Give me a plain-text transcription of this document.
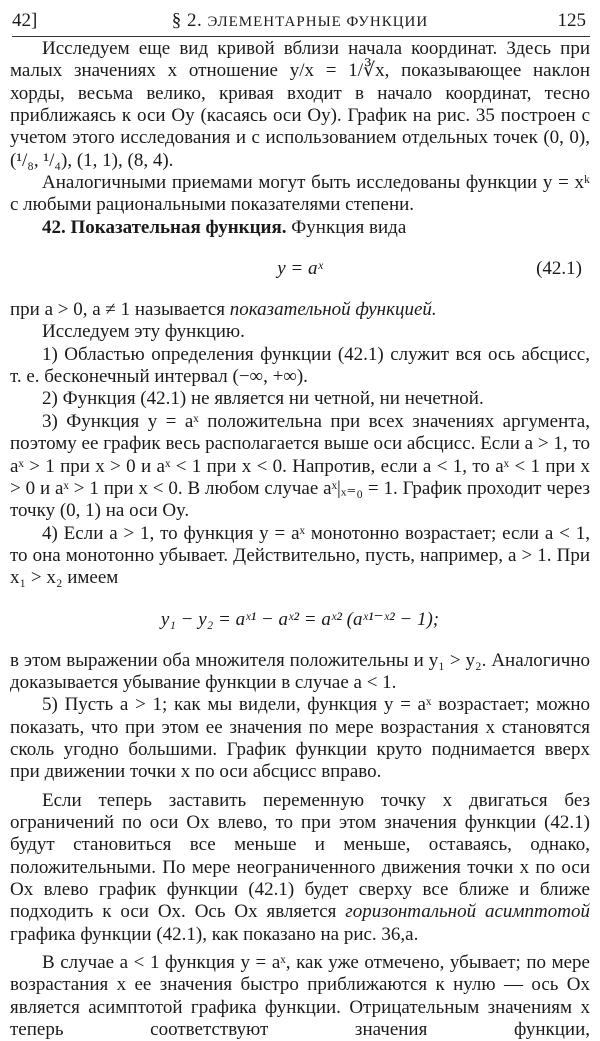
42]	§ 2. ЭЛЕМЕНТАРНЫЕ ФУНКЦИИ	125

Исследуем еще вид кривой вблизи начала координат. Здесь при малых значениях x отношение y/x = 1/∛x, показывающее наклон хорды, весьма велико, кривая входит в начало координат, тесно приближаясь к оси Oy (касаясь оси Oy). График на рис. 35 построен с учетом этого исследования и с использованием отдельных точек (0, 0), (¹/₈, ¹/₄), (1, 1), (8, 4).

Аналогичными приемами могут быть исследованы функции y = xᵏ с любыми рациональными показателями степени.

42. Показательная функция. Функция вида

y = aˣ	(42.1)

при a > 0, a ≠ 1 называется показательной функцией.

Исследуем эту функцию.

1) Областью определения функции (42.1) служит вся ось абсцисс, т. е. бесконечный интервал (−∞, +∞).

2) Функция (42.1) не является ни четной, ни нечетной.

3) Функция y = aˣ положительна при всех значениях аргумента, поэтому ее график весь располагается выше оси абсцисс. Если a > 1, то aˣ > 1 при x > 0 и aˣ < 1 при x < 0. Напротив, если a < 1, то aˣ < 1 при x > 0 и aˣ > 1 при x < 0. В любом случае aˣ|ₓ₌₀ = 1. График проходит через точку (0, 1) на оси Oy.

4) Если a > 1, то функция y = aˣ монотонно возрастает; если a < 1, то она монотонно убывает. Действительно, пусть, например, a > 1. При x₁ > x₂ имеем

y₁ − y₂ = aˣ¹ − aˣ² = aˣ² (aˣ¹⁻ˣ² − 1);

в этом выражении оба множителя положительны и y₁ > y₂. Аналогично доказывается убывание функции в случае a < 1.

5) Пусть a > 1; как мы видели, функция y = aˣ возрастает; можно показать, что при этом ее значения по мере возрастания x становятся сколь угодно большими. График функции круто поднимается вверх при движении точки x по оси абсцисс вправо.

Если теперь заставить переменную точку x двигаться без ограничений по оси Ox влево, то при этом значения функции (42.1) будут становиться все меньше и меньше, оставаясь, однако, положительными. По мере неограниченного движения точки x по оси Ox влево график функции (42.1) будет сверху все ближе и ближе подходить к оси Ox. Ось Ox является горизонтальной асимптотой графика функции (42.1), как показано на рис. 36,a.

В случае a < 1 функция y = aˣ, как уже отмечено, убывает; по мере возрастания x ее значения быстро приближаются к нулю — ось Ox является асимптотой графика функции. Отрицательным значениям x теперь соответствуют значения функции,
